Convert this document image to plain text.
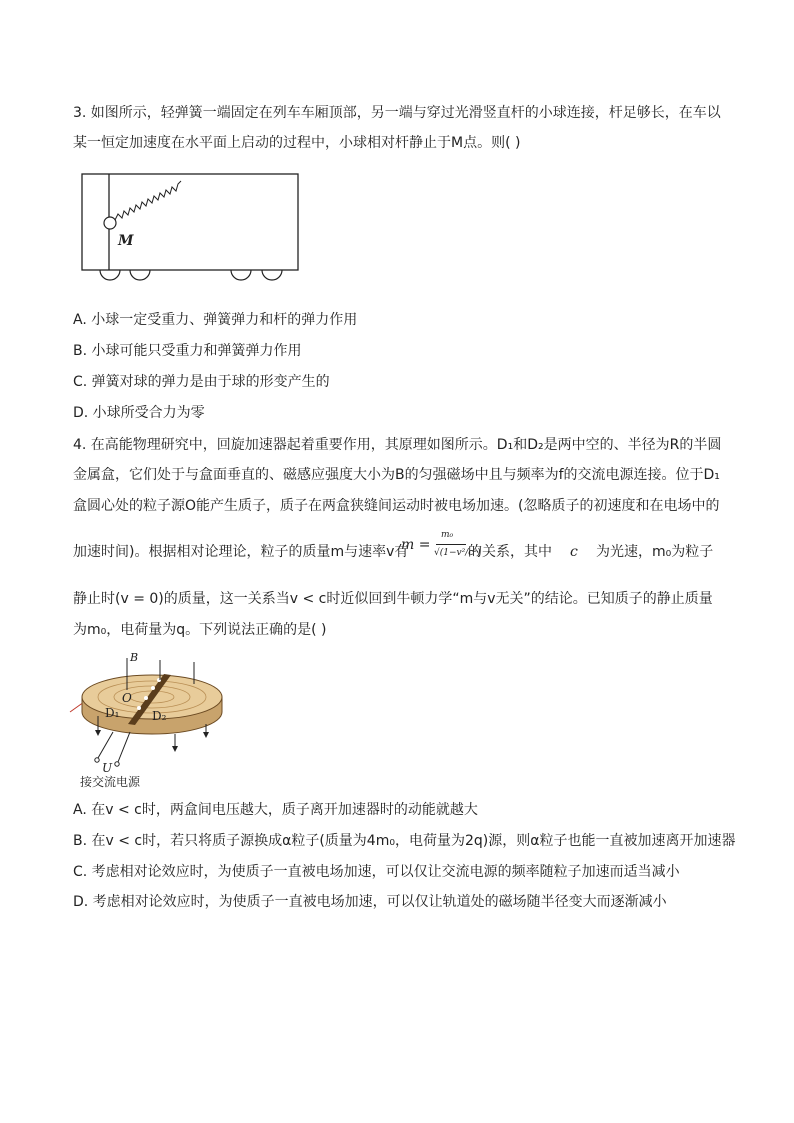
3. 如图所示，轻弹簧一端固定在列车车厢顶部，另一端与穿过光滑竖直杆的小球连接，杆足够长，在车以
某一恒定加速度在水平面上启动的过程中，小球相对杆静止于M点。则( )
M
A. 小球一定受重力、弹簧弹力和杆的弹力作用
B. 小球可能只受重力和弹簧弹力作用
C. 弹簧对球的弹力是由于球的形变产生的
D. 小球所受合力为零
4. 在高能物理研究中，回旋加速器起着重要作用，其原理如图所示。D₁和D₂是两中空的、半径为R的半圆
金属盒，它们处于与盒面垂直的、磁感应强度大小为B的匀强磁场中且与频率为f的交流电源连接。位于D₁
盒圆心处的粒子源O能产生质子，质子在两盒狭缝间运动时被电场加速。(忽略质子的初速度和在电场中的
加速时间)。根据相对论理论，粒子的质量m与速率v有
m =
m₀
√(1−v²/c²)
的关系，其中 c 为光速，m₀为粒子
静止时(v = 0)的质量，这一关系当v < c时近似回到牛顿力学“m与v无关”的结论。已知质子的静止质量
为m₀，电荷量为q。下列说法正确的是( )
B
O
D₁	D₂
U
接交流电源
A. 在v < c时，两盒间电压越大，质子离开加速器时的动能就越大
B. 在v < c时，若只将质子源换成α粒子(质量为4m₀，电荷量为2q)源，则α粒子也能一直被加速离开加速器
C. 考虑相对论效应时，为使质子一直被电场加速，可以仅让交流电源的频率随粒子加速而适当减小
D. 考虑相对论效应时，为使质子一直被电场加速，可以仅让轨道处的磁场随半径变大而逐渐减小
